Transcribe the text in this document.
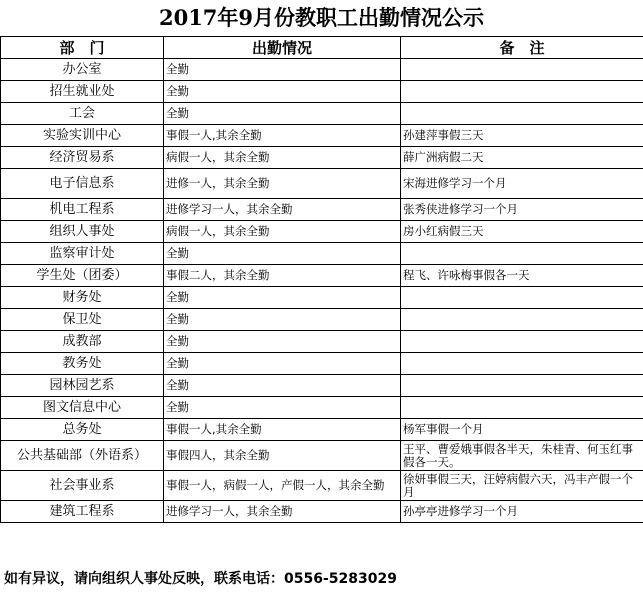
2017年9月份教职工出勤情况公示
部　门	出勤情况	备　注
办公室	全勤	
招生就业处	全勤	
工会	全勤	
实验实训中心	事假一人,其余全勤	孙建萍事假三天
经济贸易系	病假一人，其余全勤	薛广洲病假二天
电子信息系	进修一人，其余全勤	宋海进修学习一个月
机电工程系	进修学习一人，其余全勤	张秀侠进修学习一个月
组织人事处	病假一人，其余全勤	房小红病假三天
监察审计处	全勤	
学生处（团委）	事假二人，其余全勤	程飞、许咏梅事假各一天
财务处	全勤	
保卫处	全勤	
成教部	全勤	
教务处	全勤	
园林园艺系	全勤	
图文信息中心	全勤	
总务处	事假一人,其余全勤	杨军事假一个月
公共基础部（外语系）	事假四人，其余全勤	王平、曹爱娥事假各半天，朱桂青、何玉红事假各一天。
社会事业系	事假一人，病假一人，产假一人，其余全勤	徐妍事假三天，汪婷病假六天，冯丰产假一个月
建筑工程系	进修学习一人，其余全勤	孙亭亭进修学习一个月
如有异议，请向组织人事处反映，联系电话：0556-5283029
